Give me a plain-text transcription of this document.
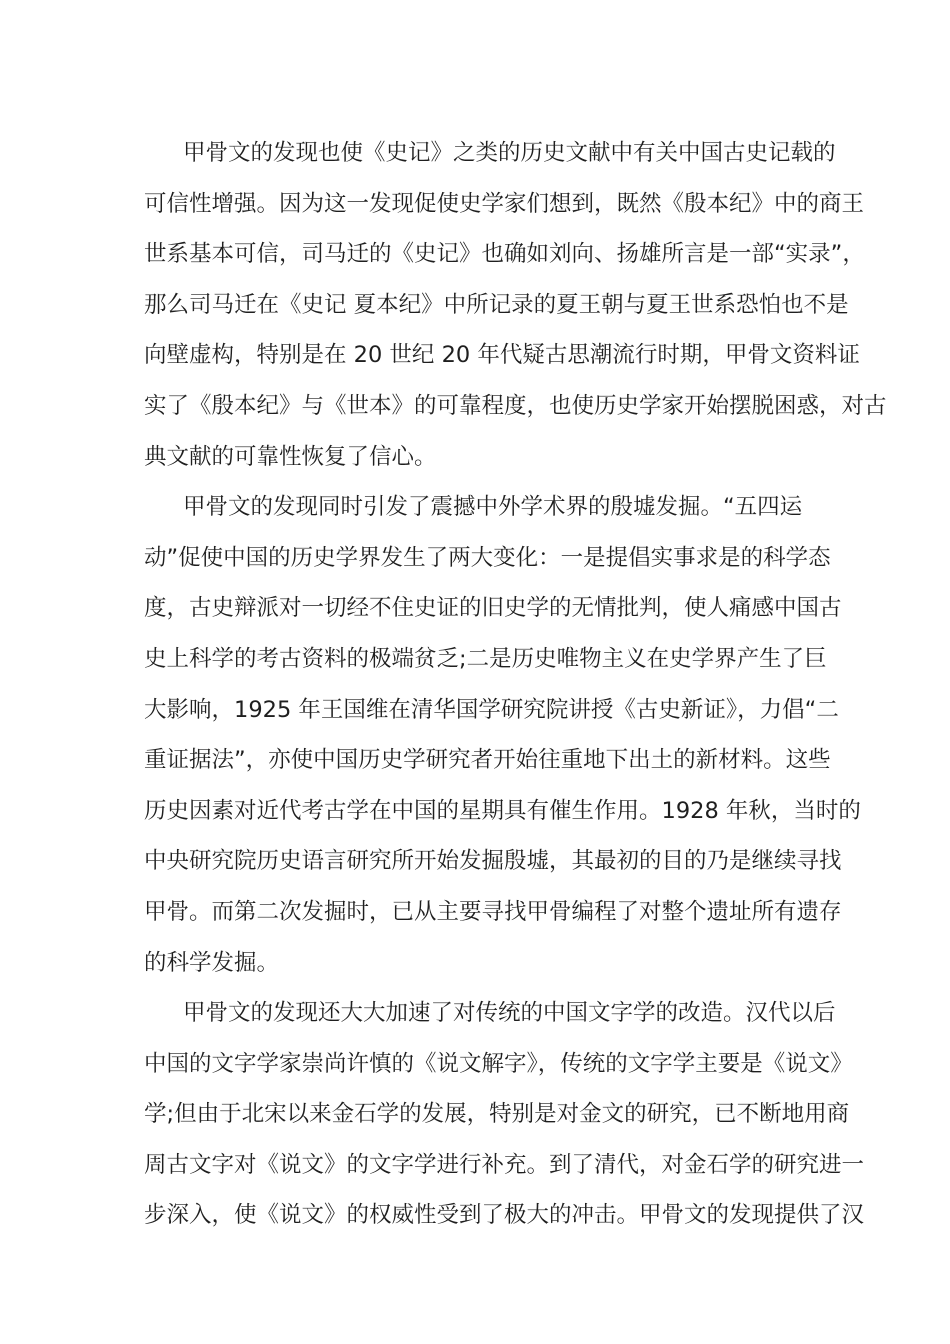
甲骨文的发现也使《史记》之类的历史文献中有关中国古史记载的
可信性增强。因为这一发现促使史学家们想到，既然《殷本纪》中的商王
世系基本可信，司马迁的《史记》也确如刘向、扬雄所言是一部“实录”，
那么司马迁在《史记 夏本纪》中所记录的夏王朝与夏王世系恐怕也不是
向壁虚构，特别是在 20 世纪 20 年代疑古思潮流行时期，甲骨文资料证
实了《殷本纪》与《世本》的可靠程度，也使历史学家开始摆脱困惑，对古
典文献的可靠性恢复了信心。
甲骨文的发现同时引发了震撼中外学术界的殷墟发掘。“五四运
动”促使中国的历史学界发生了两大变化：一是提倡实事求是的科学态
度，古史辩派对一切经不住史证的旧史学的无情批判，使人痛感中国古
史上科学的考古资料的极端贫乏;二是历史唯物主义在史学界产生了巨
大影响，1925 年王国维在清华国学研究院讲授《古史新证》，力倡“二
重证据法”，亦使中国历史学研究者开始往重地下出土的新材料。这些
历史因素对近代考古学在中国的星期具有催生作用。1928 年秋，当时的
中央研究院历史语言研究所开始发掘殷墟，其最初的目的乃是继续寻找
甲骨。而第二次发掘时，已从主要寻找甲骨编程了对整个遗址所有遗存
的科学发掘。
甲骨文的发现还大大加速了对传统的中国文字学的改造。汉代以后
中国的文字学家崇尚许慎的《说文解字》，传统的文字学主要是《说文》
学;但由于北宋以来金石学的发展，特别是对金文的研究，已不断地用商
周古文字对《说文》的文字学进行补充。到了清代，对金石学的研究进一
步深入，使《说文》的权威性受到了极大的冲击。甲骨文的发现提供了汉
